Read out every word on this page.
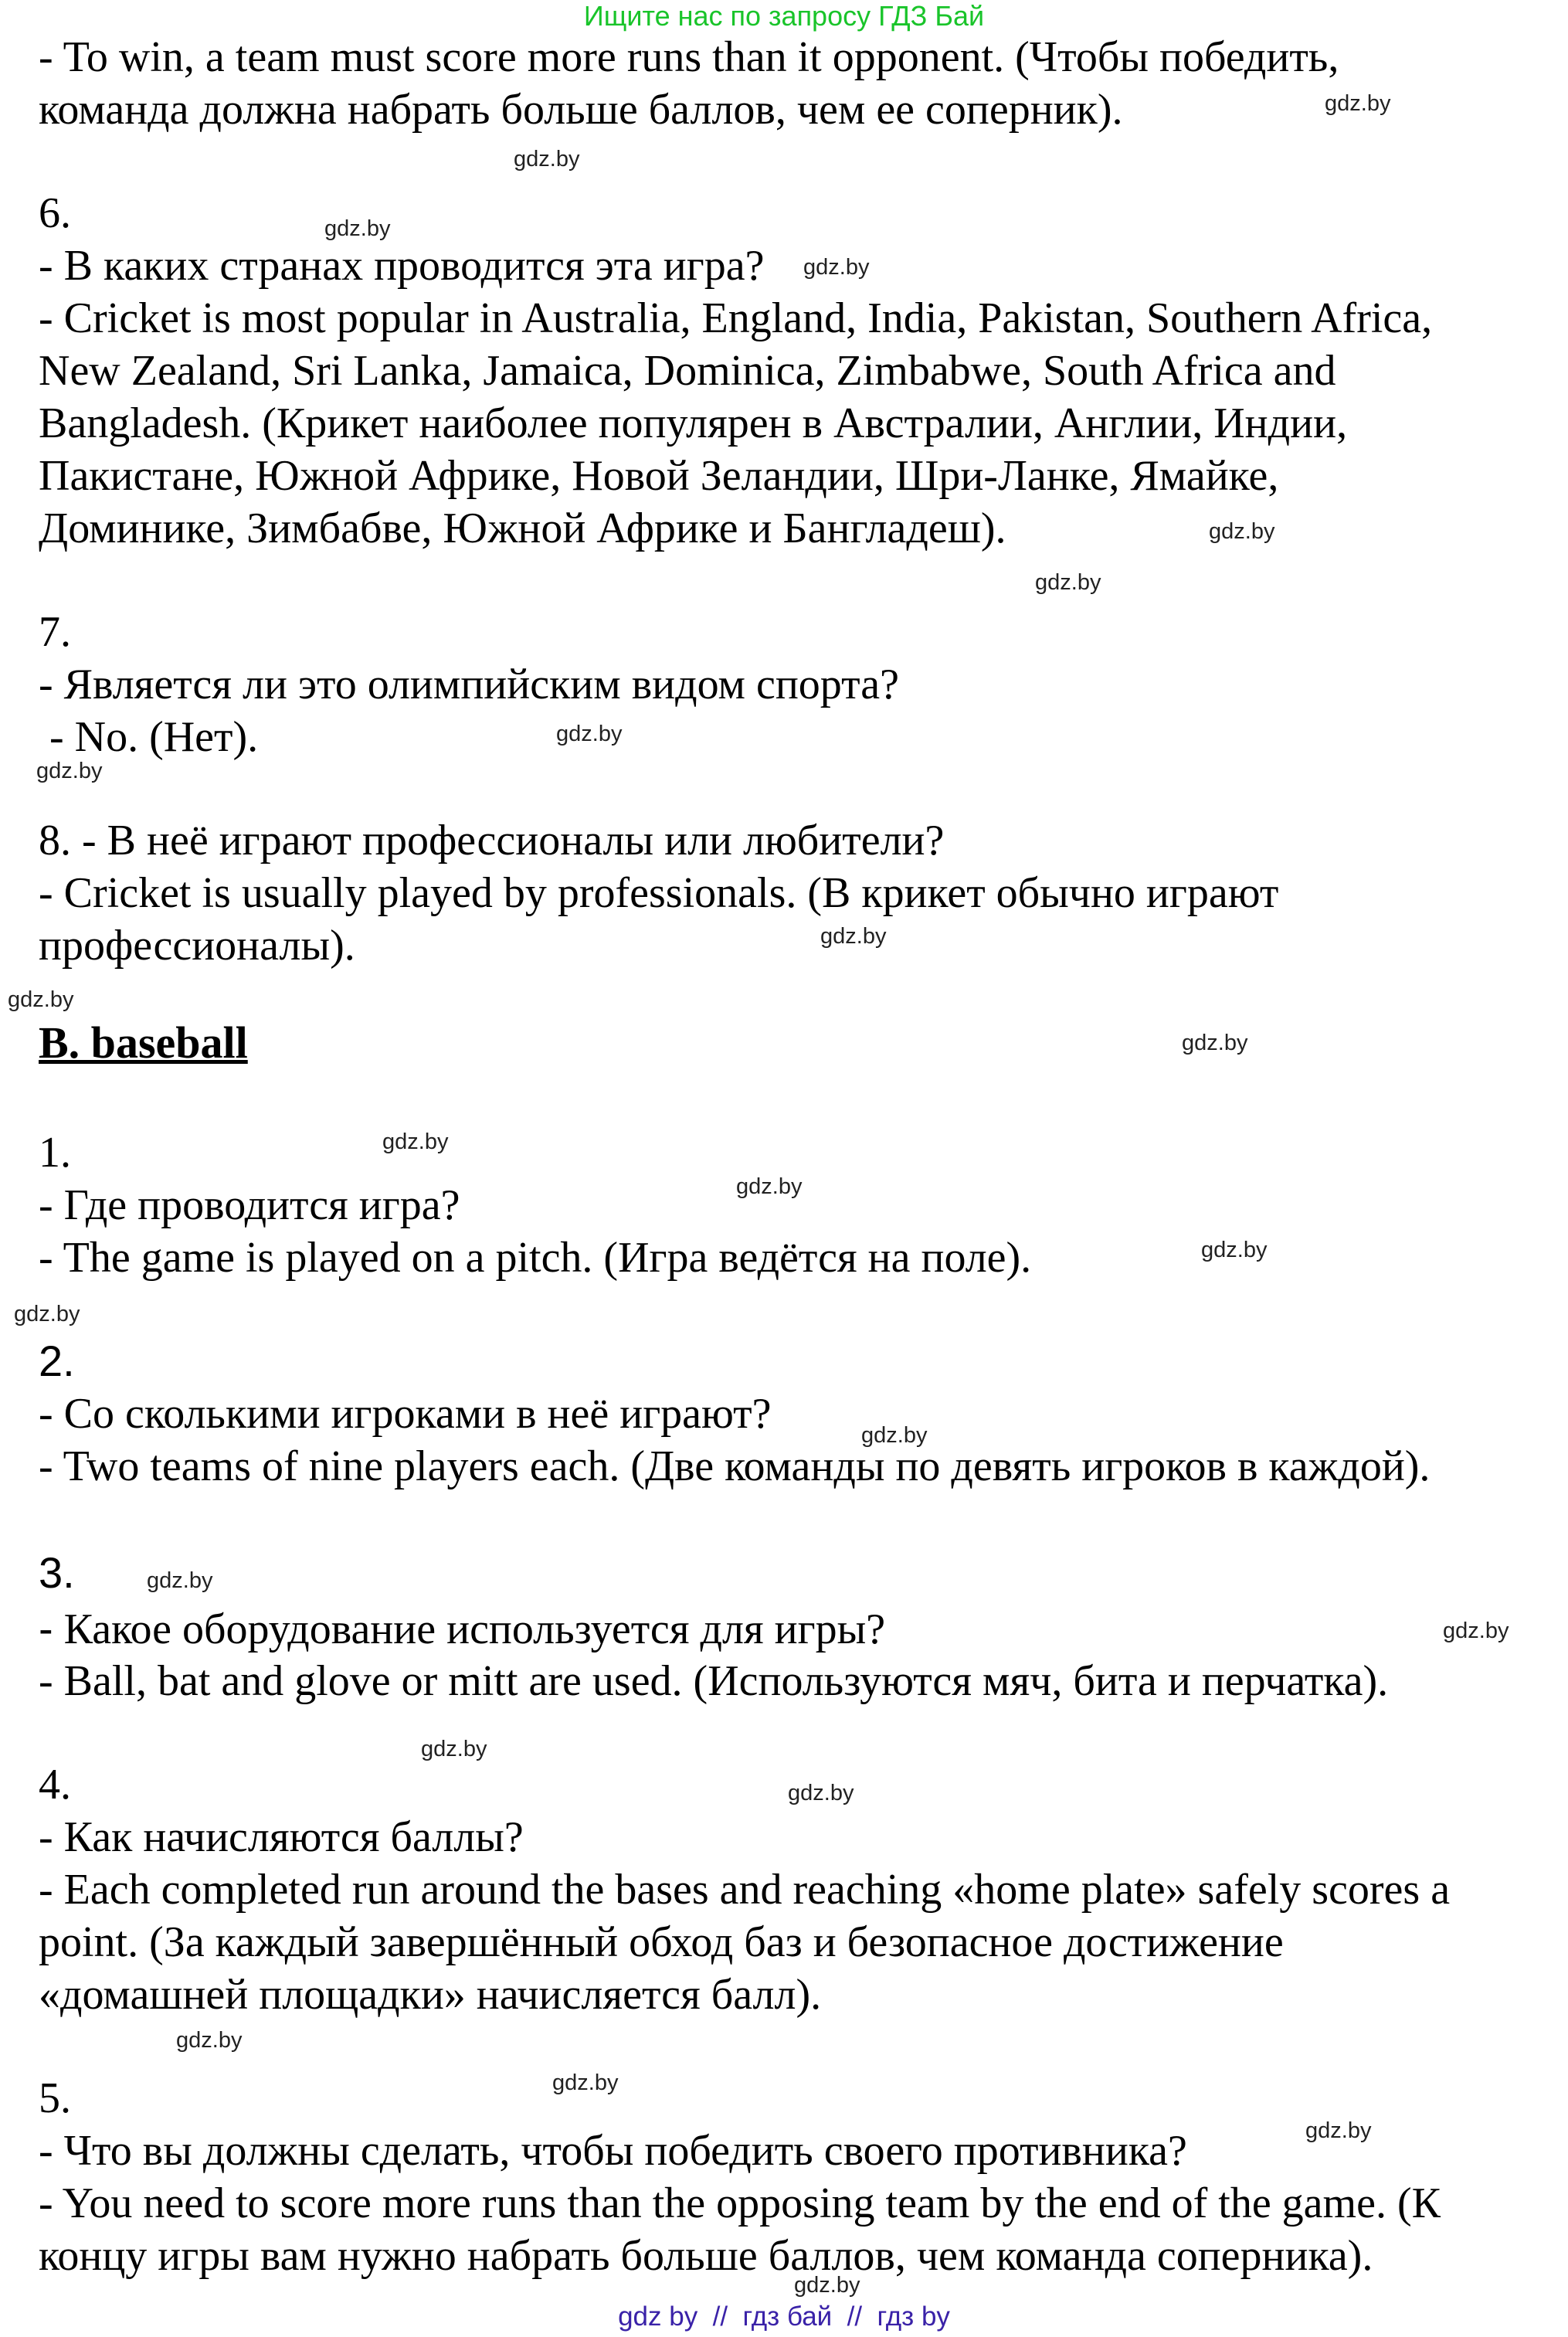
Ищите нас по запросу ГДЗ Бай
- To win, a team must score more runs than it opponent. (Чтобы победить,
команда должна набрать больше баллов, чем ее соперник).
6.
- В каких странах проводится эта игра?
- Cricket is most popular in Australia, England, India, Pakistan, Southern Africa,
New Zealand, Sri Lanka, Jamaica, Dominica, Zimbabwe, South Africa and
Bangladesh. (Крикет наиболее популярен в Австралии, Англии, Индии,
Пакистане, Южной Африке, Новой Зеландии, Шри-Ланке, Ямайке,
Доминике, Зимбабве, Южной Африке и Бангладеш).
7.
- Является ли это олимпийским видом спорта?
- No. (Нет).
8. - В неё играют профессионалы или любители?
- Cricket is usually played by professionals. (В крикет обычно играют
профессионалы).
B. baseball
1.
- Где проводится игра?
- The game is played on a pitch. (Игра ведётся на поле).
2.
- Со сколькими игроками в неё играют?
- Two teams of nine players each. (Две команды по девять игроков в каждой).
3.
- Какое оборудование используется для игры?
- Ball, bat and glove or mitt are used. (Используются мяч, бита и перчатка).
4.
- Как начисляются баллы?
- Each completed run around the bases and reaching «home plate» safely scores a
point. (За каждый завершённый обход баз и безопасное достижение
«домашней площадки» начисляется балл).
5.
- Что вы должны сделать, чтобы победить своего противника?
- You need to score more runs than the opposing team by the end of the game. (К
концу игры вам нужно набрать больше баллов, чем команда соперника).
gdz.by
gdz.by
gdz.by
gdz.by
gdz.by
gdz.by
gdz.by
gdz.by
gdz.by
gdz.by
gdz.by
gdz.by
gdz.by
gdz.by
gdz.by
gdz.by
gdz.by
gdz.by
gdz.by
gdz.by
gdz.by
gdz.by
gdz.by
gdz.by
gdz by  //  гдз бай  //  гдз by
